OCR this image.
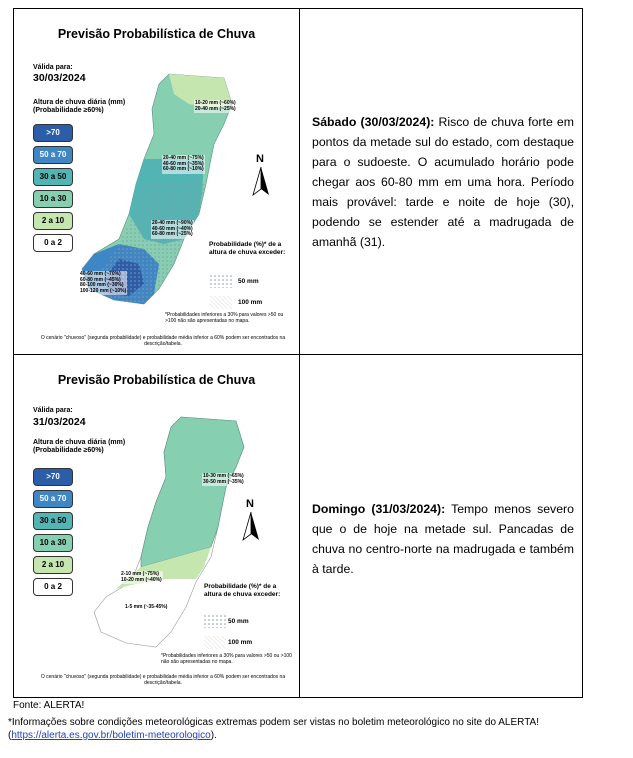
Previsão Probabilística de Chuva
Válida para:
30/03/2024
Altura de chuva diária (mm)
(Probabilidade ≥60%)
>70
50 a 70
30 a 50
10 a 30
2 a 10
0 a 2
10-20 mm (~60%)
20-40 mm (~25%)
20-40 mm (~75%)
40-60 mm (~35%)
60-80 mm (~10%)
20-40 mm (~90%)
40-60 mm (~40%)
60-80 mm (~25%)
40-60 mm (~70%)
60-80 mm (~45%)
80-100 mm (~30%)
100-120 mm (~10%)
N
Probabilidade (%)* de a altura de chuva exceder:
50 mm
100 mm
*Probabilidades inferiores a 30% para valores >50 ou >100 não são apresentadas no mapa.
O cenário "chuvoso" (segunda probabilidade) e probabilidade média inferior a 60% podem ser encontrados na descrição/tabela.
Sábado (30/03/2024): Risco de chuva forte em pontos da metade sul do estado, com destaque para o sudoeste. O acumulado horário pode chegar aos 60-80 mm em uma hora. Período mais provável: tarde e noite de hoje (30), podendo se estender até a madrugada de amanhã (31).
Previsão Probabilística de Chuva
Válida para:
31/03/2024
Altura de chuva diária (mm)
(Probabilidade ≥60%)
>70
50 a 70
30 a 50
10 a 30
2 a 10
0 a 2
10-30 mm (~65%)
30-50 mm (~35%)
2-10 mm (~75%)
10-20 mm (~40%)
1-5 mm (~35-45%)
N
Probabilidade (%)* de a altura de chuva exceder:
50 mm
100 mm
*Probabilidades inferiores a 30% para valores >50 ou >100 não são apresentadas no mapa.
O cenário "chuvoso" (segunda probabilidade) e probabilidade média inferior a 60% podem ser encontrados na descrição/tabela.
Domingo (31/03/2024): Tempo menos severo que o de hoje na metade sul. Pancadas de chuva no centro-norte na madrugada e também à tarde.
Fonte: ALERTA!
*Informações sobre condições meteorológicas extremas podem ser vistas no boletim meteorológico no site do ALERTA! (https://alerta.es.gov.br/boletim-meteorologico).
